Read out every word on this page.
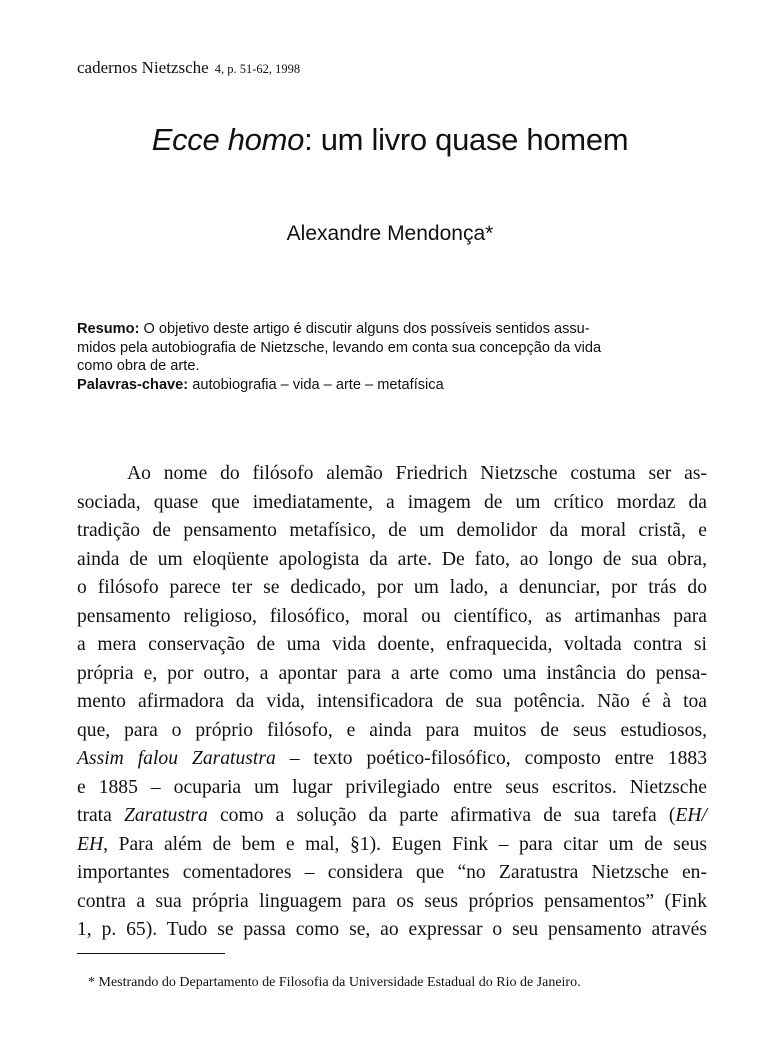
cadernos Nietzsche 4, p. 51-62, 1998
Ecce homo: um livro quase homem
Alexandre Mendonça*

Resumo: O objetivo deste artigo é discutir alguns dos possíveis sentidos assu-

midos pela autobiografia de Nietzsche, levando em conta sua concepção da vida

como obra de arte.

Palavras-chave: autobiografia – vida – arte – metafísica

Ao nome do filósofo alemão Friedrich Nietzsche costuma ser as-
sociada, quase que imediatamente, a imagem de um crítico mordaz da
tradição de pensamento metafísico, de um demolidor da moral cristã, e
ainda de um eloqüente apologista da arte. De fato, ao longo de sua obra,
o filósofo parece ter se dedicado, por um lado, a denunciar, por trás do
pensamento religioso, filosófico, moral ou científico, as artimanhas para
a mera conservação de uma vida doente, enfraquecida, voltada contra si
própria e, por outro, a apontar para a arte como uma instância do pensa-
mento afirmadora da vida, intensificadora de sua potência. Não é à toa
que, para o próprio filósofo, e ainda para muitos de seus estudiosos,
Assim falou Zaratustra – texto poético-filosófico, composto entre 1883
e 1885 – ocuparia um lugar privilegiado entre seus escritos. Nietzsche
trata Zaratustra como a solução da parte afirmativa de sua tarefa (EH/
EH, Para além de bem e mal, §1). Eugen Fink – para citar um de seus
importantes comentadores – considera que “no Zaratustra Nietzsche en-
contra a sua própria linguagem para os seus próprios pensamentos” (Fink
1, p. 65). Tudo se passa como se, ao expressar o seu pensamento através
* Mestrando do Departamento de Filosofia da Universidade Estadual do Rio de Janeiro.
